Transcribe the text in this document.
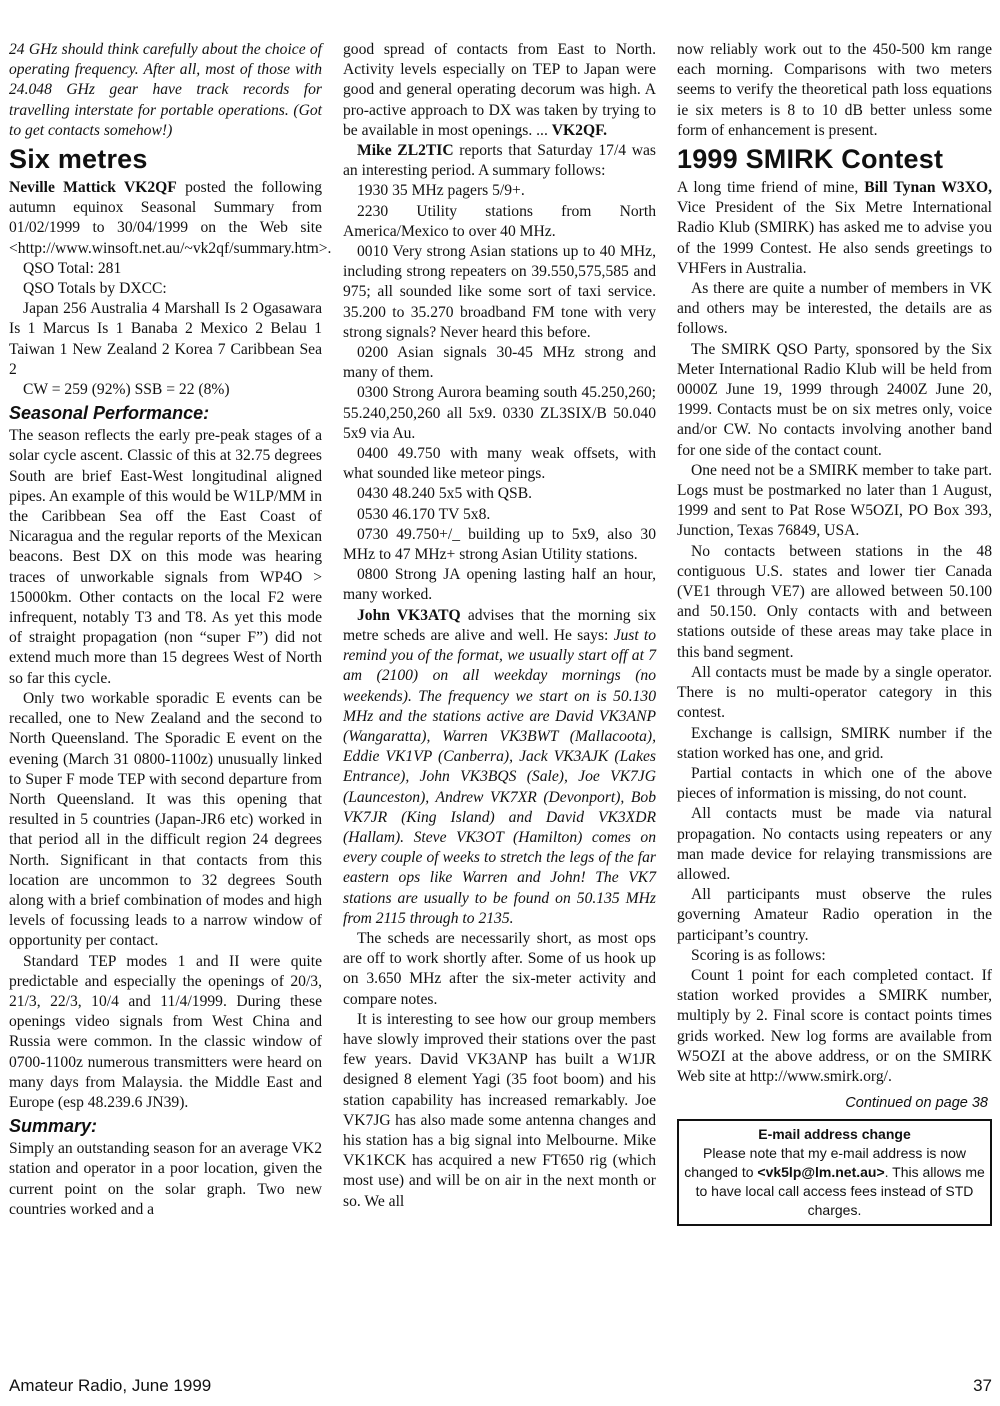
24 GHz should think carefully about the choice of operating frequency. After all, most of those with 24.048 GHz gear have track records for travelling interstate for portable operations. (Got to get contacts somehow!)

Six metres

Neville Mattick VK2QF posted the following autumn equinox Seasonal Summary from 01/02/1999 to 30/04/1999 on the Web site <http://www.winsoft.net.au/~vk2qf/summary.htm>.

QSO Total: 281

QSO Totals by DXCC:

Japan 256 Australia 4 Marshall Is 2 Ogasawara Is 1 Marcus Is 1 Banaba 2 Mexico 2 Belau 1 Taiwan 1 New Zealand 2 Korea 7 Caribbean Sea 2

CW = 259 (92%) SSB = 22 (8%)

Seasonal Performance:

The season reflects the early pre-peak stages of a solar cycle ascent. Classic of this at 32.75 degrees South are brief East-West longitudinal aligned pipes. An example of this would be W1LP/MM in the Caribbean Sea off the East Coast of Nicaragua and the regular reports of the Mexican beacons. Best DX on this mode was hearing traces of unworkable signals from WP4O > 15000km. Other contacts on the local F2 were infrequent, notably T3 and T8. As yet this mode of straight propagation (non “super F”) did not extend much more than 15 degrees West of North so far this cycle.

Only two workable sporadic E events can be recalled, one to New Zealand and the second to North Queensland. The Sporadic E event on the evening (March 31 0800-1100z) unusually linked to Super F mode TEP with second departure from North Queensland. It was this opening that resulted in 5 countries (Japan-JR6 etc) worked in that period all in the difficult region 24 degrees North. Significant in that contacts from this location are uncommon to 32 degrees South along with a brief combination of modes and high levels of focussing leads to a narrow window of opportunity per contact.

Standard TEP modes 1 and II were quite predictable and especially the openings of 20/3, 21/3, 22/3, 10/4 and 11/4/1999. During these openings video signals from West China and Russia were common. In the classic window of 0700-1100z numerous transmitters were heard on many days from Malaysia. the Middle East and Europe (esp 48.239.6 JN39).

Summary:

Simply an outstanding season for an average VK2 station and operator in a poor location, given the current point on the solar graph. Two new countries worked and a

good spread of contacts from East to North. Activity levels especially on TEP to Japan were good and general operating decorum was high. A pro-active approach to DX was taken by trying to be available in most openings. ... VK2QF.

Mike ZL2TIC reports that Saturday 17/4 was an interesting period. A summary follows:

1930 35 MHz pagers 5/9+.

2230 Utility stations from North America/Mexico to over 40 MHz.

0010 Very strong Asian stations up to 40 MHz, including strong repeaters on 39.550,575,585 and 975; all sounded like some sort of taxi service. 35.200 to 35.270 broadband FM tone with very strong signals? Never heard this before.

0200 Asian signals 30-45 MHz strong and many of them.

0300 Strong Aurora beaming south 45.250,260; 55.240,250,260 all 5x9. 0330 ZL3SIX/B 50.040 5x9 via Au.

0400 49.750 with many weak offsets, with what sounded like meteor pings.

0430 48.240 5x5 with QSB.

0530 46.170 TV 5x8.

0730 49.750+/_ building up to 5x9, also 30 MHz to 47 MHz+ strong Asian Utility stations.

0800 Strong JA opening lasting half an hour, many worked.

John VK3ATQ advises that the morning six metre scheds are alive and well. He says: Just to remind you of the format, we usually start off at 7 am (2100) on all weekday mornings (no weekends). The frequency we start on is 50.130 MHz and the stations active are David VK3ANP (Wangaratta), Warren VK3BWT (Mallacoota), Eddie VK1VP (Canberra), Jack VK3AJK (Lakes Entrance), John VK3BQS (Sale), Joe VK7JG (Launceston), Andrew VK7XR (Devonport), Bob VK7JR (King Island) and David VK3XDR (Hallam). Steve VK3OT (Hamilton) comes on every couple of weeks to stretch the legs of the far eastern ops like Warren and John! The VK7 stations are usually to be found on 50.135 MHz from 2115 through to 2135.

The scheds are necessarily short, as most ops are off to work shortly after. Some of us hook up on 3.650 MHz after the six-meter activity and compare notes.

It is interesting to see how our group members have slowly improved their stations over the past few years. David VK3ANP has built a W1JR designed 8 element Yagi (35 foot boom) and his station capability has increased remarkably. Joe VK7JG has also made some antenna changes and his station has a big signal into Melbourne. Mike VK1KCK has acquired a new FT650 rig (which most use) and will be on air in the next month or so. We all

now reliably work out to the 450-500 km range each morning. Comparisons with two meters seems to verify the theoretical path loss equations ie six meters is 8 to 10 dB better unless some form of enhancement is present.

1999 SMIRK Contest

A long time friend of mine, Bill Tynan W3XO, Vice President of the Six Metre International Radio Klub (SMIRK) has asked me to advise you of the 1999 Contest. He also sends greetings to VHFers in Australia.

As there are quite a number of members in VK and others may be interested, the details are as follows.

The SMIRK QSO Party, sponsored by the Six Meter International Radio Klub will be held from 0000Z June 19, 1999 through 2400Z June 20, 1999. Contacts must be on six metres only, voice and/or CW. No contacts involving another band for one side of the contact count.

One need not be a SMIRK member to take part. Logs must be postmarked no later than 1 August, 1999 and sent to Pat Rose W5OZI, PO Box 393, Junction, Texas 76849, USA.

No contacts between stations in the 48 contiguous U.S. states and lower tier Canada (VE1 through VE7) are allowed between 50.100 and 50.150. Only contacts with and between stations outside of these areas may take place in this band segment.

All contacts must be made by a single operator. There is no multi-operator category in this contest.

Exchange is callsign, SMIRK number if the station worked has one, and grid.

Partial contacts in which one of the above pieces of information is missing, do not count.

All contacts must be made via natural propagation. No contacts using repeaters or any man made device for relaying transmissions are allowed.

All participants must observe the rules governing Amateur Radio operation in the participant’s country.

Scoring is as follows:

Count 1 point for each completed contact. If station worked provides a SMIRK number, multiply by 2. Final score is contact points times grids worked. New log forms are available from W5OZI at the above address, or on the SMIRK Web site at http://www.smirk.org/.

Continued on page 38
E-mail address change
Please note that my e-mail address is now changed to <vk5lp@lm.net.au>. This allows me to have local call access fees instead of STD charges.
Amateur Radio, June 1999	37
